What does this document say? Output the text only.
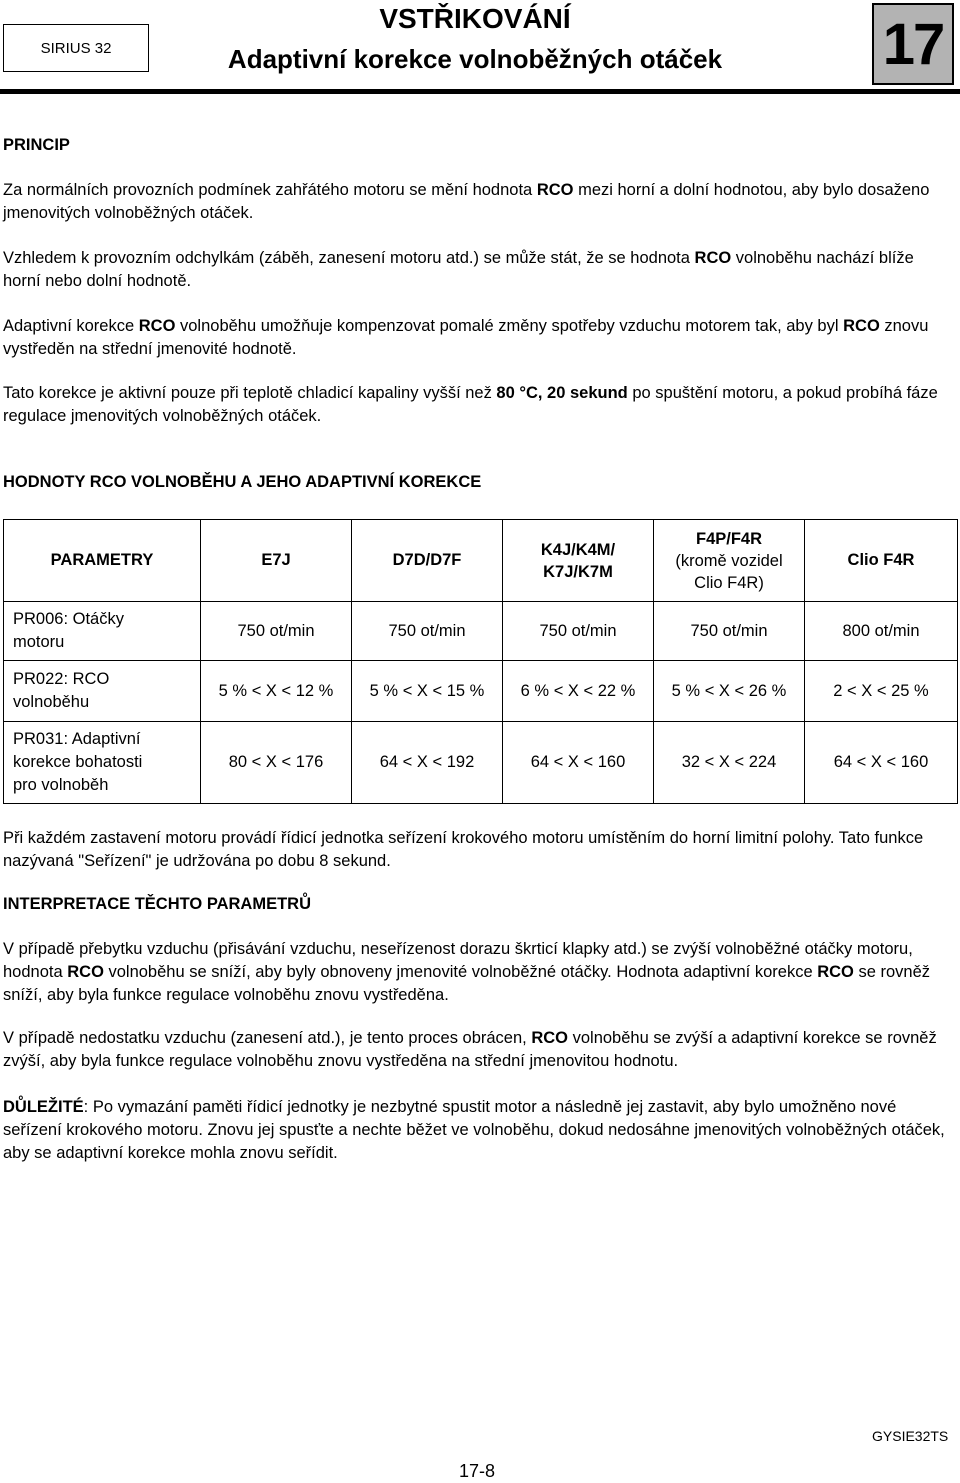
SIRIUS 32
VSTŘIKOVÁNÍ
Adaptivní korekce volnoběžných otáček	17
PRINCIP
Za normálních provozních podmínek zahřátého motoru se mění hodnota RCO mezi horní a dolní hodnotou, aby bylo dosaženo jmenovitých volnoběžných otáček.
Vzhledem k provozním odchylkám (záběh, zanesení motoru atd.) se může stát, že se hodnota RCO volnoběhu nachází blíže horní nebo dolní hodnotě.
Adaptivní korekce RCO volnoběhu umožňuje kompenzovat pomalé změny spotřeby vzduchu motorem tak, aby byl RCO znovu vystředěn na střední jmenovité hodnotě.
Tato korekce je aktivní pouze při teplotě chladicí kapaliny vyšší než 80 °C, 20 sekund po spuštění motoru, a pokud probíhá fáze regulace jmenovitých volnoběžných otáček.
HODNOTY RCO VOLNOBĚHU A JEHO ADAPTIVNÍ KOREKCE
PARAMETRY	E7J	D7D/D7F	K4J/K4M/
K7J/K7M	F4P/F4R
(kromě vozidel
Clio F4R)	Clio F4R
PR006: Otáčky
motoru	750 ot/min	750 ot/min	750 ot/min	750 ot/min	800 ot/min
PR022: RCO
volnoběhu	5 % < X < 12 %	5 % < X < 15 %	6 % < X < 22 %	5 % < X < 26 %	2 < X < 25 %
PR031: Adaptivní
korekce bohatosti
pro volnoběh	80 < X < 176	64 < X < 192	64 < X < 160	32 < X < 224	64 < X < 160
Při každém zastavení motoru provádí řídicí jednotka seřízení krokového motoru umístěním do horní limitní polohy. Tato funkce nazývaná "Seřízení" je udržována po dobu 8 sekund.
INTERPRETACE TĚCHTO PARAMETRŮ
V případě přebytku vzduchu (přisávání vzduchu, neseřízenost dorazu škrticí klapky atd.) se zvýší volnoběžné otáčky motoru, hodnota RCO volnoběhu se sníží, aby byly obnoveny jmenovité volnoběžné otáčky. Hodnota adaptivní korekce RCO se rovněž sníží, aby byla funkce regulace volnoběhu znovu vystředěna.
V případě nedostatku vzduchu (zanesení atd.), je tento proces obrácen, RCO volnoběhu se zvýší a adaptivní korekce se rovněž zvýší, aby byla funkce regulace volnoběhu znovu vystředěna na střední jmenovitou hodnotu.
DŮLEŽITÉ: Po vymazání paměti řídicí jednotky je nezbytné spustit motor a následně jej zastavit, aby bylo umožněno nové seřízení krokového motoru. Znovu jej spusťte a nechte běžet ve volnoběhu, dokud nedosáhne jmenovitých volnoběžných otáček, aby se adaptivní korekce mohla znovu seřídit.
GYSIE32TS
17-8
